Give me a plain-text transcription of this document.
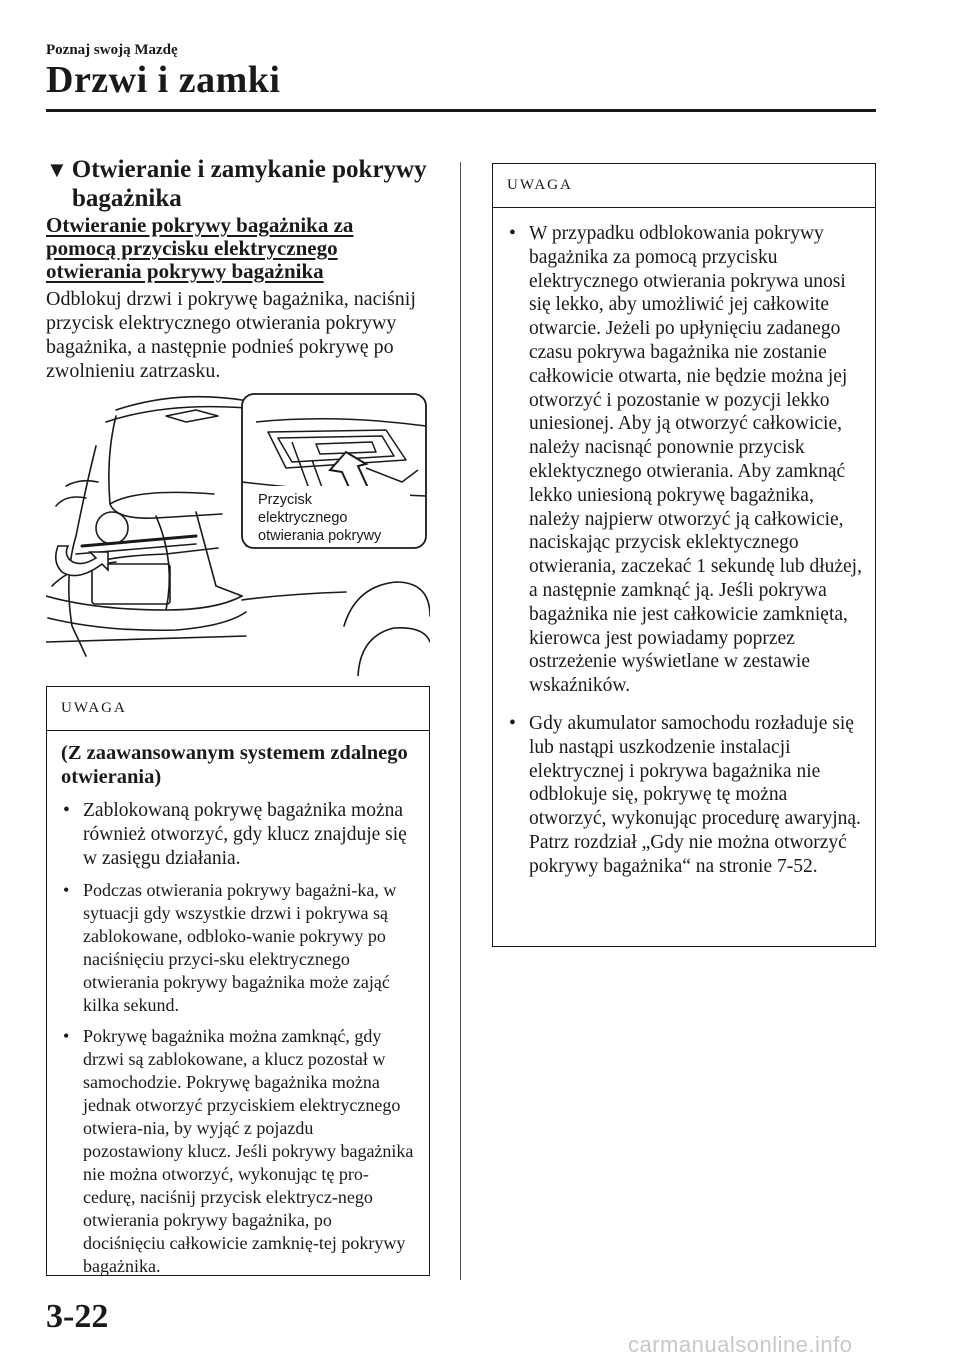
Poznaj swoją Mazdę
Drzwi i zamki
▼ Otwieranie i zamykanie pokrywy
bagażnika
Otwieranie pokrywy bagażnika za pomocą przycisku elektrycznego otwierania pokrywy bagażnika
Odblokuj drzwi i pokrywę bagażnika, naciśnij przycisk elektrycznego otwierania pokrywy bagażnika, a następnie podnieś pokrywę po zwolnieniu zatrzasku.
Przycisk
elektrycznego
otwierania pokrywy
UWAGA
(Z zaawansowanym systemem zdalnego otwierania)
• Zablokowaną pokrywę bagażnika można również otworzyć, gdy klucz znajduje się w zasięgu działania.
• Podczas otwierania pokrywy bagażni-ka, w sytuacji gdy wszystkie drzwi i pokrywa są zablokowane, odbloko-wanie pokrywy po naciśnięciu przyci-sku elektrycznego otwierania pokrywy bagażnika może zająć kilka sekund.
• Pokrywę bagażnika można zamknąć, gdy drzwi są zablokowane, a klucz pozostał w samochodzie. Pokrywę bagażnika można jednak otworzyć przyciskiem elektrycznego otwiera-nia, by wyjąć z pojazdu pozostawiony klucz. Jeśli pokrywy bagażnika nie można otworzyć, wykonując tę pro-cedurę, naciśnij przycisk elektrycz-nego otwierania pokrywy bagażnika, po dociśnięciu całkowicie zamknię-tej pokrywy bagażnika.
UWAGA
• W przypadku odblokowania pokrywy bagażnika za pomocą przycisku elektrycznego otwierania pokrywa unosi się lekko, aby umożliwić jej całkowite otwarcie. Jeżeli po upłynięciu zadanego czasu pokrywa bagażnika nie zostanie całkowicie otwarta, nie będzie można jej otworzyć i pozostanie w pozycji lekko uniesionej. Aby ją otworzyć całkowicie, należy nacisnąć ponownie przycisk eklektycznego otwierania. Aby zamknąć lekko uniesioną pokrywę bagażnika, należy najpierw otworzyć ją całkowicie, naciskając przycisk eklektycznego otwierania, zaczekać 1 sekundę lub dłużej, a następnie zamknąć ją. Jeśli pokrywa bagażnika nie jest całkowicie zamknięta, kierowca jest powiadamy poprzez ostrzeżenie wyświetlane w zestawie wskaźników.
• Gdy akumulator samochodu rozładuje się lub nastąpi uszkodzenie instalacji elektrycznej i pokrywa bagażnika nie odblokuje się, pokrywę tę można otworzyć, wykonując procedurę awaryjną. Patrz rozdział „Gdy nie można otworzyć pokrywy bagażnika“ na stronie 7-52.
3-22
carmanualsonline.info
